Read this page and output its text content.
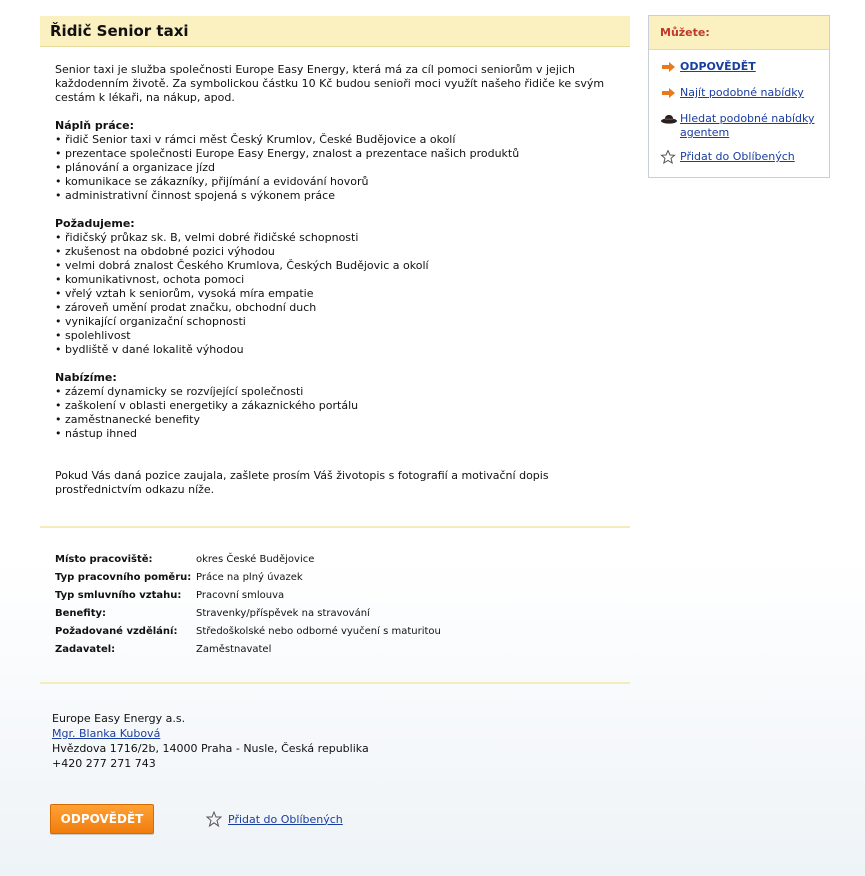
Řidič Senior taxi

Senior taxi je služba společnosti Europe Easy Energy, která má za cíl pomoci seniorům v jejich každodenním životě. Za symbolickou částku 10 Kč budou senioři moci využít našeho řidiče ke svým cestám k lékaři, na nákup, apod.

Náplň práce:
• řidič Senior taxi v rámci měst Český Krumlov, České Budějovice a okolí
• prezentace společnosti Europe Easy Energy, znalost a prezentace našich produktů
• plánování a organizace jízd
• komunikace se zákazníky, přijímání a evidování hovorů
• administrativní činnost spojená s výkonem práce
Požadujeme:
• řidičský průkaz sk. B, velmi dobré řidičské schopnosti
• zkušenost na obdobné pozici výhodou
• velmi dobrá znalost Českého Krumlova, Českých Budějovic a okolí
• komunikativnost, ochota pomoci
• vřelý vztah k seniorům, vysoká míra empatie
• zároveň umění prodat značku, obchodní duch
• vynikající organizační schopnosti
• spolehlivost
• bydliště v dané lokalitě výhodou
Nabízíme:
• zázemí dynamicky se rozvíjející společnosti
• zaškolení v oblasti energetiky a zákaznického portálu
• zaměstnanecké benefity
• nástup ihned

Pokud Vás daná pozice zaujala, zašlete prosím Váš životopis s fotografií a motivační dopis prostřednictvím odkazu níže.

Místo pracoviště:	okres České Budějovice
Typ pracovního poměru:	Práce na plný úvazek
Typ smluvního vztahu:	Pracovní smlouva
Benefity:	Stravenky/příspěvek na stravování
Požadované vzdělání:	Středoškolské nebo odborné vyučení s maturitou
Zadavatel:	Zaměstnavatel
Europe Easy Energy a.s.
Mgr. Blanka Kubová
Hvězdova 1716/2b, 14000 Praha - Nusle, Česká republika
+420 277 271 743
ODPOVĚDĚT	Přidat do Oblíbených
Můžete:
ODPOVĚDĚT
Najít podobné nabídky
Hledat podobné nabídky
agentem
Přidat do Oblíbených
